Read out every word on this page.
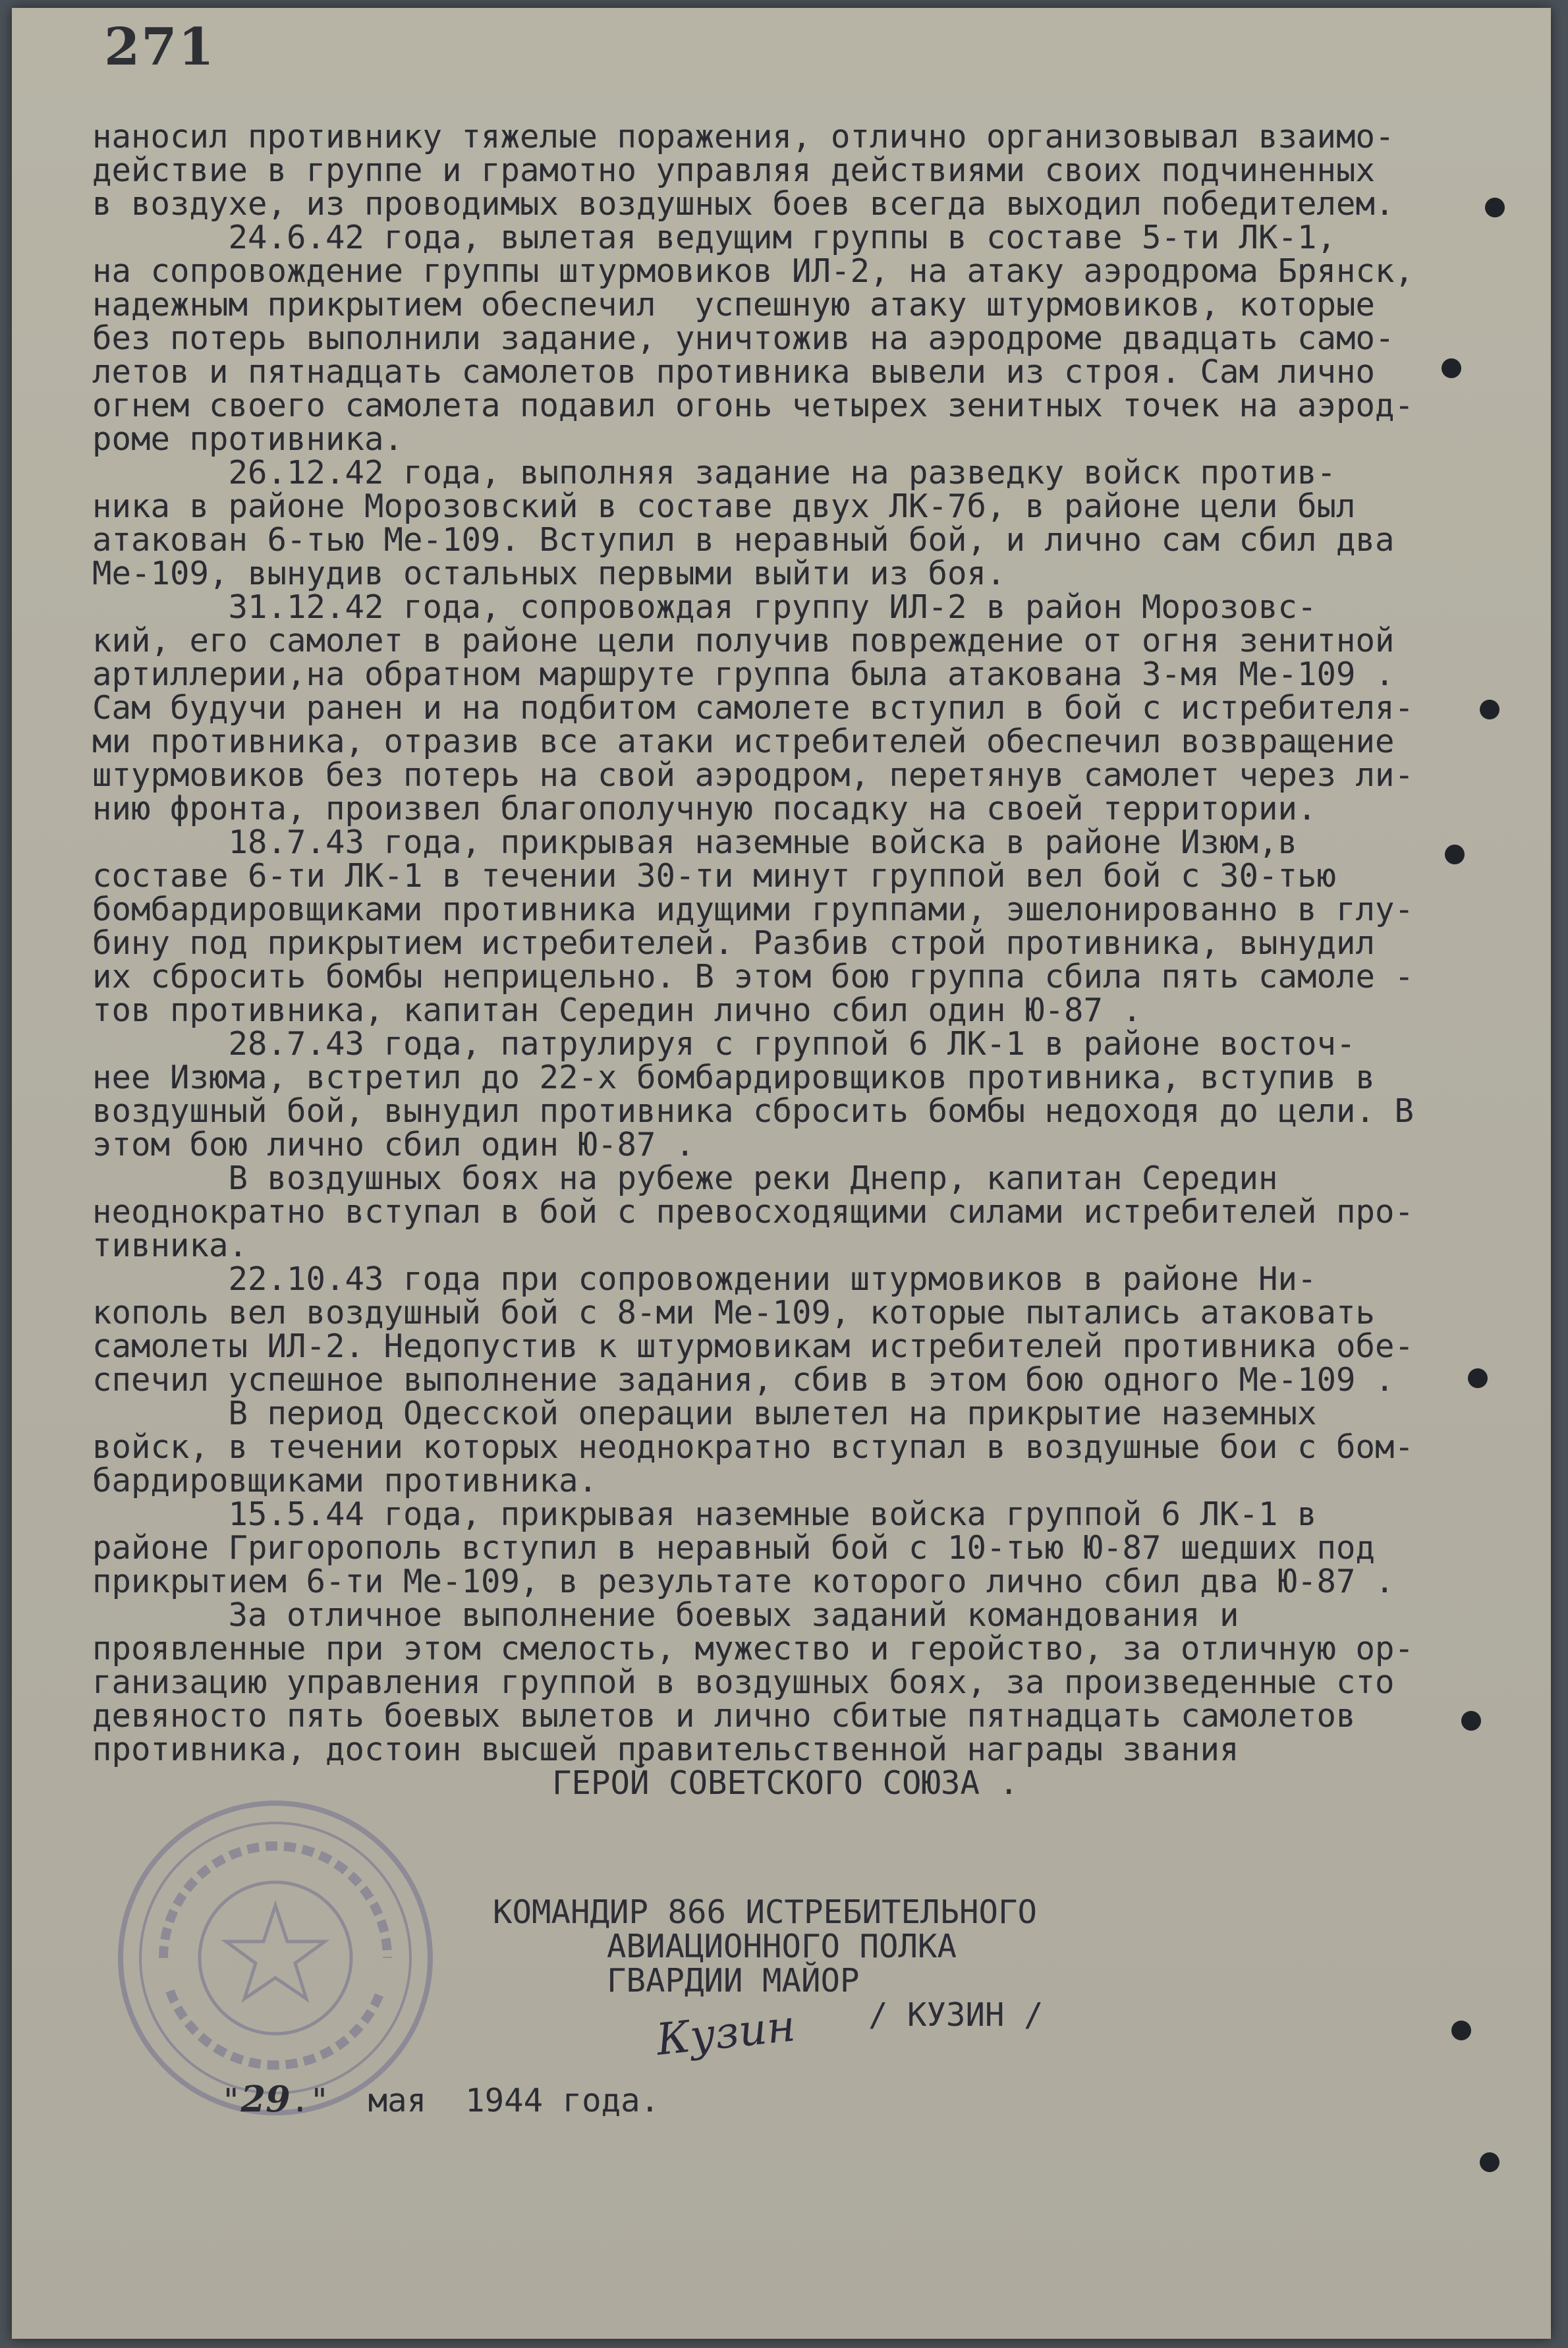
271
наносил противнику тяжелые поражения, отлично организовывал взаимо-
действие в группе и грамотно управляя действиями своих подчиненных
в воздухе, из проводимых воздушных боев всегда выходил победителем.
24.6.42 года, вылетая ведущим группы в составе 5-ти ЛК-1,
на сопровождение группы штурмовиков ИЛ-2, на атаку аэродрома Брянск,
надежным прикрытием обеспечил  успешную атаку штурмовиков, которые
без потерь выполнили задание, уничтожив на аэродроме двадцать само-
летов и пятнадцать самолетов противника вывели из строя. Сам лично
огнем своего самолета подавил огонь четырех зенитных точек на аэрод-
роме противника.
26.12.42 года, выполняя задание на разведку войск против-
ника в районе Морозовский в составе двух ЛК-7б, в районе цели был
атакован 6-тью Ме-109. Вступил в неравный бой, и лично сам сбил два
Ме-109, вынудив остальных первыми выйти из боя.
31.12.42 года, сопровождая группу ИЛ-2 в район Морозовс-
кий, его самолет в районе цели получив повреждение от огня зенитной
артиллерии,на обратном маршруте группа была атакована 3-мя Ме-109 .
Сам будучи ранен и на подбитом самолете вступил в бой с истребителя-
ми противника, отразив все атаки истребителей обеспечил возвращение
штурмовиков без потерь на свой аэродром, перетянув самолет через ли-
нию фронта, произвел благополучную посадку на своей территории.
18.7.43 года, прикрывая наземные войска в районе Изюм,в
составе 6-ти ЛК-1 в течении 30-ти минут группой вел бой с 30-тью
бомбардировщиками противника идущими группами, эшелонированно в глу-
бину под прикрытием истребителей. Разбив строй противника, вынудил
их сбросить бомбы неприцельно. В этом бою группа сбила пять самоле -
тов противника, капитан Середин лично сбил один Ю-87 .
28.7.43 года, патрулируя с группой 6 ЛК-1 в районе восточ-
нее Изюма, встретил до 22-х бомбардировщиков противника, вступив в
воздушный бой, вынудил противника сбросить бомбы недоходя до цели. В
этом бою лично сбил один Ю-87 .
В воздушных боях на рубеже реки Днепр, капитан Середин
неоднократно вступал в бой с превосходящими силами истребителей про-
тивника.
22.10.43 года при сопровождении штурмовиков в районе Ни-
кополь вел воздушный бой с 8-ми Ме-109, которые пытались атаковать
самолеты ИЛ-2. Недопустив к штурмовикам истребителей противника обе-
спечил успешное выполнение задания, сбив в этом бою одного Ме-109 .
В период Одесской операции вылетел на прикрытие наземных
войск, в течении которых неоднократно вступал в воздушные бои с бом-
бардировщиками противника.
15.5.44 года, прикрывая наземные войска группой 6 ЛК-1 в
районе Григорополь вступил в неравный бой с 10-тью Ю-87 шедших под
прикрытием 6-ти Ме-109, в результате которого лично сбил два Ю-87 .
За отличное выполнение боевых заданий командования и
проявленные при этом смелость, мужество и геройство, за отличную ор-
ганизацию управления группой в воздушных боях, за произведенные сто
девяносто пять боевых вылетов и лично сбитые пятнадцать самолетов
противника, достоин высшей правительственной награды звания
ГЕРОЙ СОВЕТСКОГО СОЮЗА .
КОМАНДИР 866 ИСТРЕБИТЕЛЬНОГО
АВИАЦИОННОГО ПОЛКА
ГВАРДИИ МАЙОР
Кузин / КУЗИН /
"29."  мая  1944 года.
